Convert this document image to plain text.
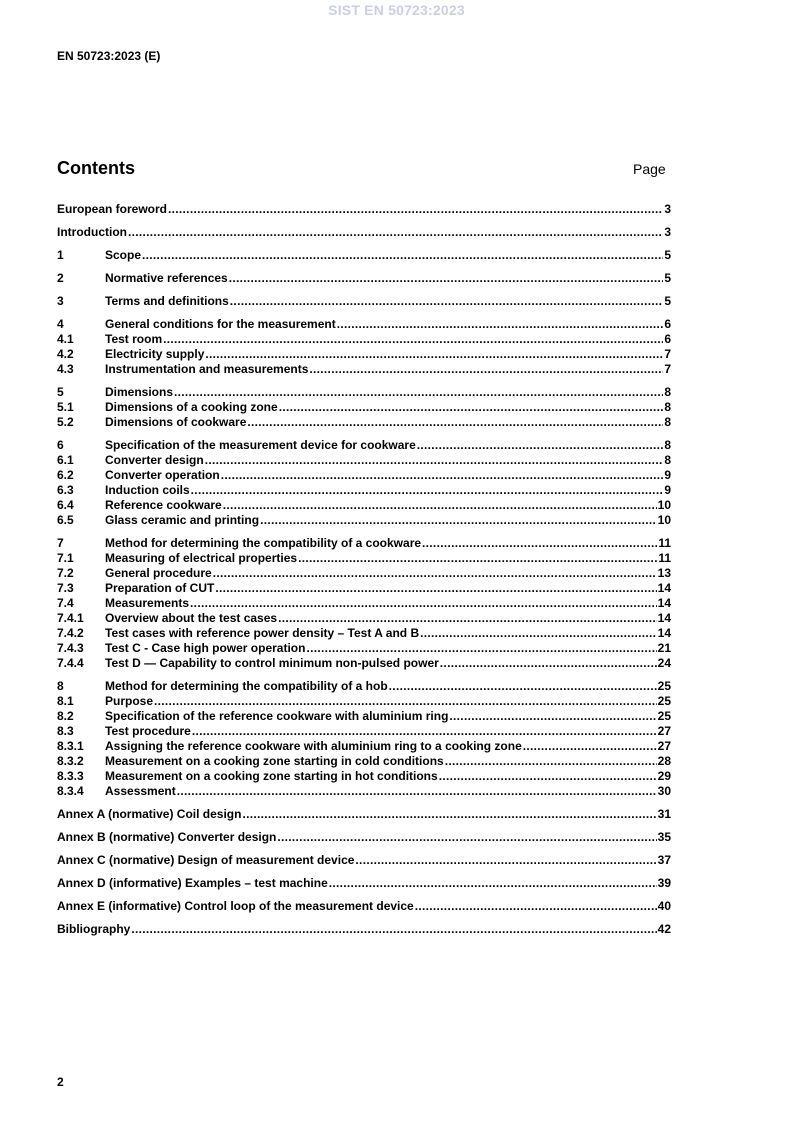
SIST EN 50723:2023
EN 50723:2023 (E)
Contents	Page
European foreword .....	3
Introduction .....	3
1	Scope .....	5
2	Normative references .....	5
3	Terms and definitions .....	5
4	General conditions for the measurement .....	6
4.1	Test room .....	6
4.2	Electricity supply .....	7
4.3	Instrumentation and measurements .....	7
5	Dimensions .....	8
5.1	Dimensions of a cooking zone .....	8
5.2	Dimensions of cookware .....	8
6	Specification of the measurement device for cookware .....	8
6.1	Converter design .....	8
6.2	Converter operation .....	9
6.3	Induction coils .....	9
6.4	Reference cookware .....	10
6.5	Glass ceramic and printing .....	10
7	Method for determining the compatibility of a cookware .....	11
7.1	Measuring of electrical properties .....	11
7.2	General procedure .....	13
7.3	Preparation of CUT .....	14
7.4	Measurements .....	14
7.4.1	Overview about the test cases .....	14
7.4.2	Test cases with reference power density – Test A and B .....	14
7.4.3	Test C - Case high power operation .....	21
7.4.4	Test D — Capability to control minimum non-pulsed power .....	24
8	Method for determining the compatibility of a hob .....	25
8.1	Purpose .....	25
8.2	Specification of the reference cookware with aluminium ring .....	25
8.3	Test procedure .....	27
8.3.1	Assigning the reference cookware with aluminium ring to a cooking zone .....	27
8.3.2	Measurement on a cooking zone starting in cold conditions .....	28
8.3.3	Measurement on a cooking zone starting in hot conditions .....	29
8.3.4	Assessment .....	30
Annex A (normative) Coil design .....	31
Annex B (normative) Converter design .....	35
Annex C (normative) Design of measurement device .....	37
Annex D (informative) Examples – test machine .....	39
Annex E (informative) Control loop of the measurement device .....	40
Bibliography .....	42
2
